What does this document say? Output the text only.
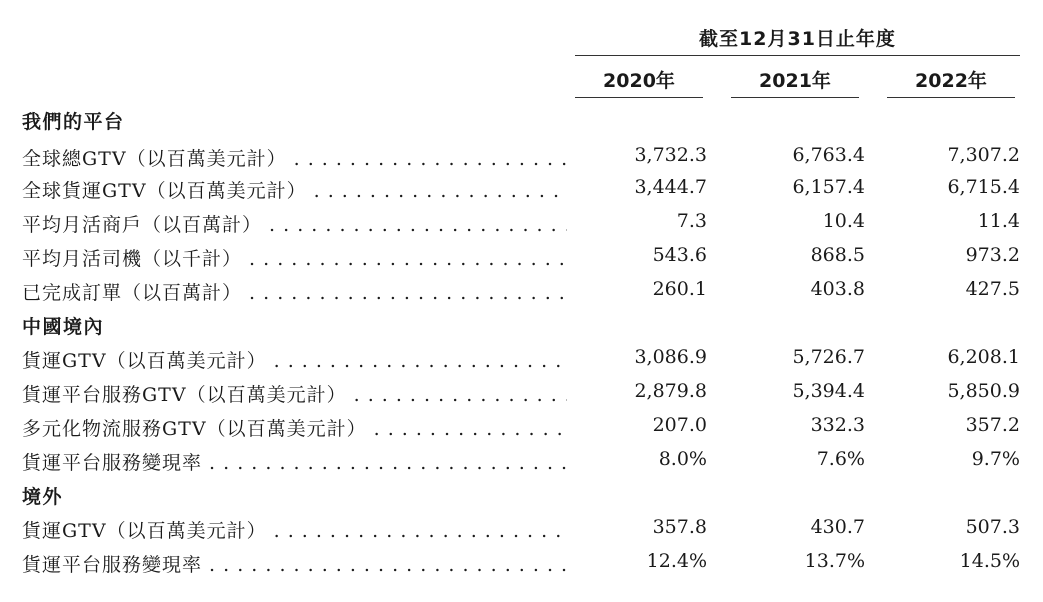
截至12月31日止年度
2020年	2021年	2022年
我們的平台
全球總GTV（以百萬美元計） . . .	3,732.3	6,763.4	7,307.2
全球貨運GTV（以百萬美元計） . . .	3,444.7	6,157.4	6,715.4
平均月活商戶（以百萬計） . . .	7.3	10.4	11.4
平均月活司機（以千計） . . .	543.6	868.5	973.2
已完成訂單（以百萬計） . . .	260.1	403.8	427.5
中國境內
貨運GTV（以百萬美元計） . . .	3,086.9	5,726.7	6,208.1
貨運平台服務GTV（以百萬美元計） . . .	2,879.8	5,394.4	5,850.9
多元化物流服務GTV（以百萬美元計） . . .	207.0	332.3	357.2
貨運平台服務變現率 . . .	8.0%	7.6%	9.7%
境外
貨運GTV（以百萬美元計） . . .	357.8	430.7	507.3
貨運平台服務變現率 . . .	12.4%	13.7%	14.5%
